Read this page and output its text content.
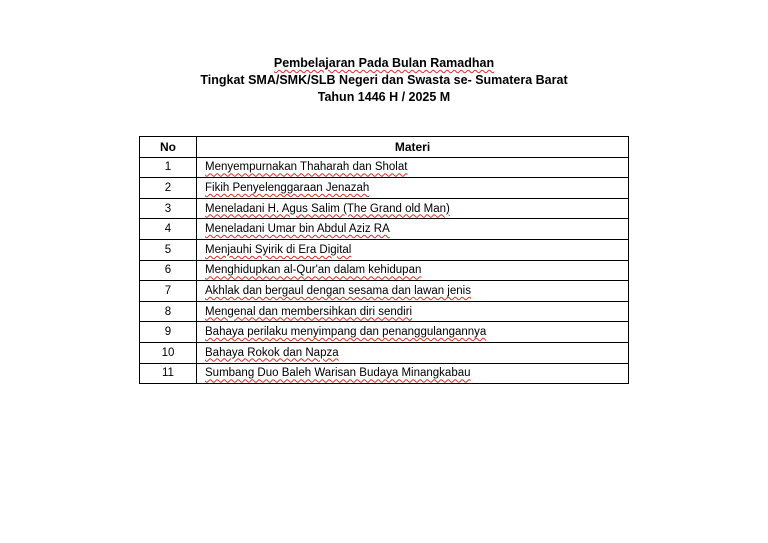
Pembelajaran Pada Bulan Ramadhan
Tingkat SMA/SMK/SLB Negeri dan Swasta se- Sumatera Barat
Tahun 1446 H / 2025 M
No	Materi
1	Menyempurnakan Thaharah dan Sholat
2	Fikih Penyelenggaraan Jenazah
3	Meneladani H. Agus Salim (The Grand old Man)
4	Meneladani Umar bin Abdul Aziz RA
5	Menjauhi Syirik di Era Digital
6	Menghidupkan al-Qur'an dalam kehidupan
7	Akhlak dan bergaul dengan sesama dan lawan jenis
8	Mengenal dan membersihkan diri sendiri
9	Bahaya perilaku menyimpang dan penanggulangannya
10	Bahaya Rokok dan Napza
11	Sumbang Duo Baleh Warisan Budaya Minangkabau
